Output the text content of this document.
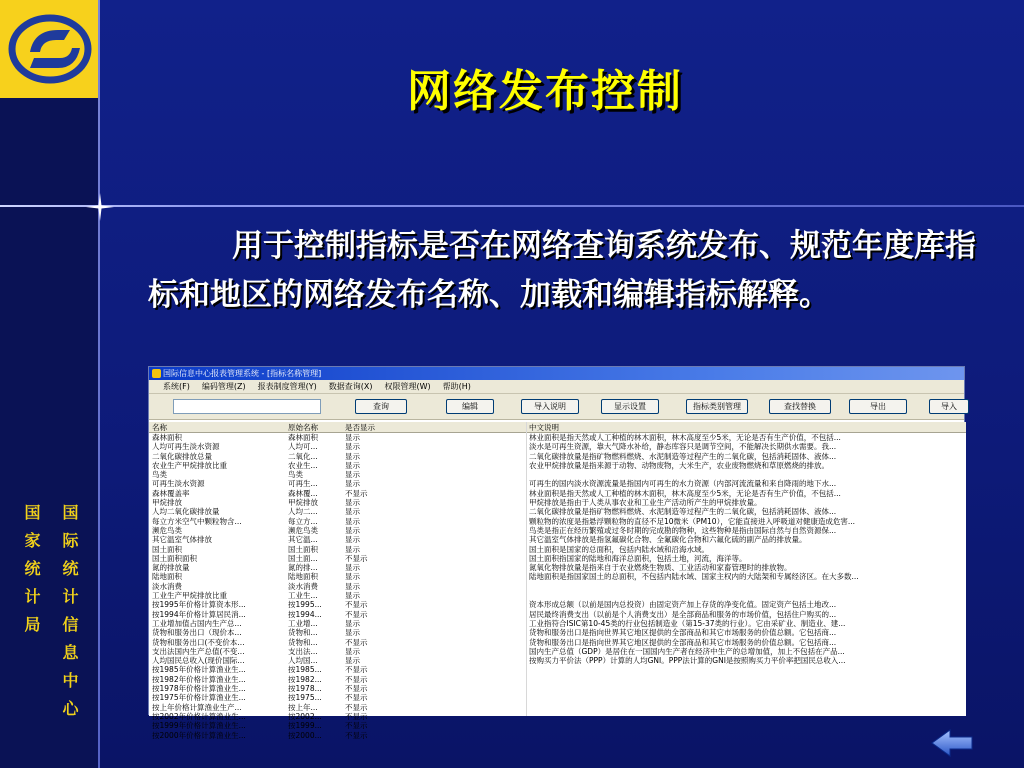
网络发布控制
用于控制指标是否在网络查询系统发布、规范年度库指标和地区的网络发布名称、加载和编辑指标解释。
国际统计信息中心
国家统计局
国际信息中心报表管理系统 - [指标名称管理]
系统(F)	编码管理(Z)	报表制度管理(Y)	数据查询(X)	权限管理(W)	帮助(H)
查询	编辑	导入说明	显示设置	指标类别管理	查找替换	导出	导入
名称	原始名称	是否显示	中文说明
森林面积	森林面积	显示	林业面积是指天然或人工种植的林木面积，林木高度至少5米，无论是否有生产价值，不包括...
人均可再生淡水资源	人均可...	显示	淡水是可再生资源，靠大气降水补给，静态库容只是调节空间，不能解决长期供水需要。我...
二氧化碳排放总量	二氧化...	显示	二氧化碳排放量是指矿物燃料燃烧、水泥制造等过程产生的二氧化碳，包括消耗固体、液体...
农业生产甲烷排放比重	农业生...	显示	农业甲烷排放量是指来源于动物、动物废物，大米生产，农业废物燃烧和草原燃烧的排放。
鸟类	鸟类	显示
可再生淡水资源	可再生...	显示	可再生的国内淡水资源流量是指国内可再生的水力资源（内部河流流量和来自降雨的地下水...
森林覆盖率	森林覆...	不显示	林业面积是指天然或人工种植的林木面积，林木高度至少5米，无论是否有生产价值，不包括...
甲烷排放	甲烷排放	显示	甲烷排放是指由于人类从事农业和工业生产活动所产生的甲烷排放量。
人均二氧化碳排放量	人均二...	显示	二氧化碳排放量是指矿物燃料燃烧、水泥制造等过程产生的二氧化碳，包括消耗固体、液体...
每立方米空气中颗粒物含...	每立方...	显示	颗粒物的浓度是指悬浮颗粒物的直径不足10微米（PM10），它能直接进入呼吸道对健康造成危害...
濒危鸟类	濒危鸟类	显示	鸟类是指正在经历繁殖或过冬时期的完成勘的物种，这些物种是指由国际自然与自然资源保...
其它温室气体排放	其它温...	显示	其它温室气体排放是指氢氟碳化合物、全氟碳化合物和六氟化硫的副产品的排放量。
国土面积	国土面积	显示	国土面积是国家的总面积，包括内陆水域和沿海水域。
国土面积面积	国土面...	不显示	国土面积指国家的陆地和海洋总面积，包括土地，河流，海洋等。
氮的排放量	氮的排...	显示	氮氧化物排放量是指来自于农业燃烧生物质、工业活动和家畜管理时的排放物。
陆地面积	陆地面积	显示	陆地面积是指国家国土的总面积，不包括内陆水域、国家主权内的大陆架和专属经济区。在大多数...
淡水消费	淡水消费	显示
工业生产甲烷排放比重	工业生...	显示
按1995年价格计算资本形...	按1995...	不显示	资本形成总额（以前是国内总投资）由固定资产加上存货的净变化值。固定资产包括土地改...
按1994年价格计算居民消...	按1994...	不显示	居民最终消费支出（以前是个人消费支出）是全部商品和服务的市场价值，包括住户购买的...
工业增加值占国内生产总...	工业增...	显示	工业指符合ISIC第10-45类的行业包括制造业（第15-37类的行业）。它由采矿业、制造业、建...
货物和服务出口（现价本...	货物和...	显示	货物和服务出口是指向世界其它地区提供的全部商品和其它市场服务的价值总额。它包括商...
货物和服务出口(不变价本...	货物和...	不显示	货物和服务出口是指向世界其它地区提供的全部商品和其它市场服务的价值总额。它包括商...
支出法国内生产总值(不变...	支出法...	显示	国内生产总值（GDP）是居住在一国国内生产者在经济中生产的总增加值，加上不包括在产品...
人均国民总收入(现价国际...	人均国...	显示	按购买力平价法（PPP）计算的人均GNI。PPP法计算的GNI是按照购买力平价率把国民总收入...
按1985年价格计算渔业生...	按1985...	不显示
按1982年价格计算渔业生...	按1982...	不显示
按1978年价格计算渔业生...	按1978...	不显示
按1975年价格计算渔业生...	按1975...	不显示
按上年价格计算渔业生产...	按上年...	不显示
按2002年价格计算渔业生...	按2002...	不显示
按1999年价格计算渔业生...	按1999...	不显示
按2000年价格计算渔业生...	按2000...	不显示
